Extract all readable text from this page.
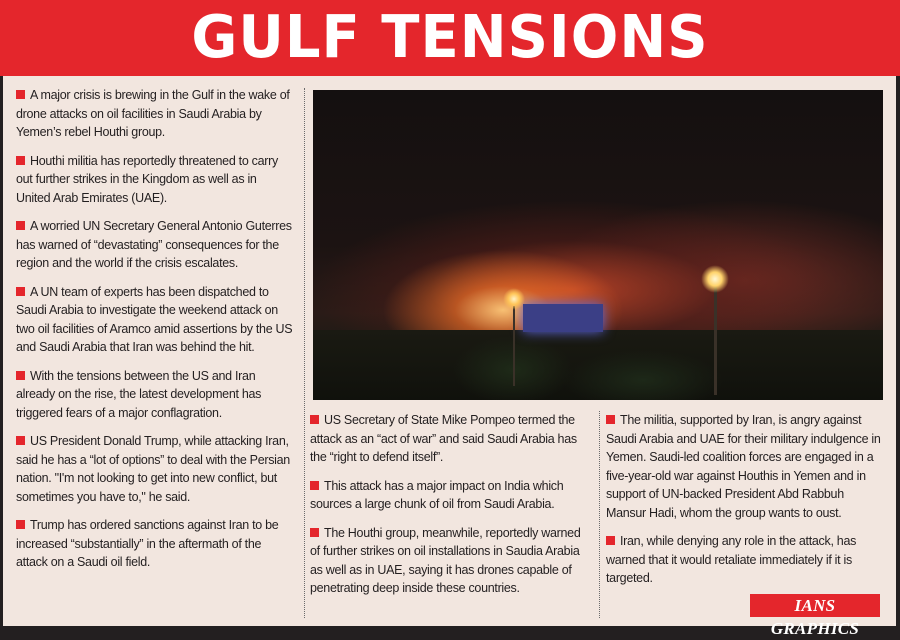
GULF TENSIONS

A major crisis is brewing in the Gulf in the wake of drone attacks on oil facilities in Saudi Arabia by Yemen’s rebel Houthi group.

Houthi militia has reportedly threatened to carry out further strikes in the Kingdom as well as in United Arab Emirates (UAE).

A worried UN Secretary General Antonio Guterres has warned of “devastating” consequences for the region and the world if the crisis escalates.

A UN team of experts has been dispatched to Saudi Arabia to investigate the weekend attack on two oil facilities of Aramco amid assertions by the US and Saudi Arabia that Iran was behind the hit.

With the tensions between the US and Iran already on the rise, the latest development has triggered fears of a major conflagration.

US President Donald Trump, while attacking Iran, said he has a “lot of options” to deal with the Persian nation. "I'm not looking to get into new conflict, but sometimes you have to," he said.

Trump has ordered sanctions against Iran to be increased “substantially” in the aftermath of the attack on a Saudi oil field.

US Secretary of State Mike Pompeo termed the attack as an “act of war” and said Saudi Arabia has the “right to defend itself”.

This attack has a major impact on India which sources a large chunk of oil from Saudi Arabia.

The Houthi group, meanwhile, reportedly warned of further strikes on oil installations in Saudia Arabia as well as in UAE, saying it has drones capable of penetrating deep inside these countries.

The militia, supported by Iran, is angry against Saudi Arabia and UAE for their military indulgence in Yemen. Saudi-led coalition forces are engaged in a five-year-old war against Houthis in Yemen and in support of UN-backed President Abd Rabbuh Mansur Hadi, whom the group wants to oust.

Iran, while denying any role in the attack, has warned that it would retaliate immediately if it is targeted.

IANS GRAPHICS
